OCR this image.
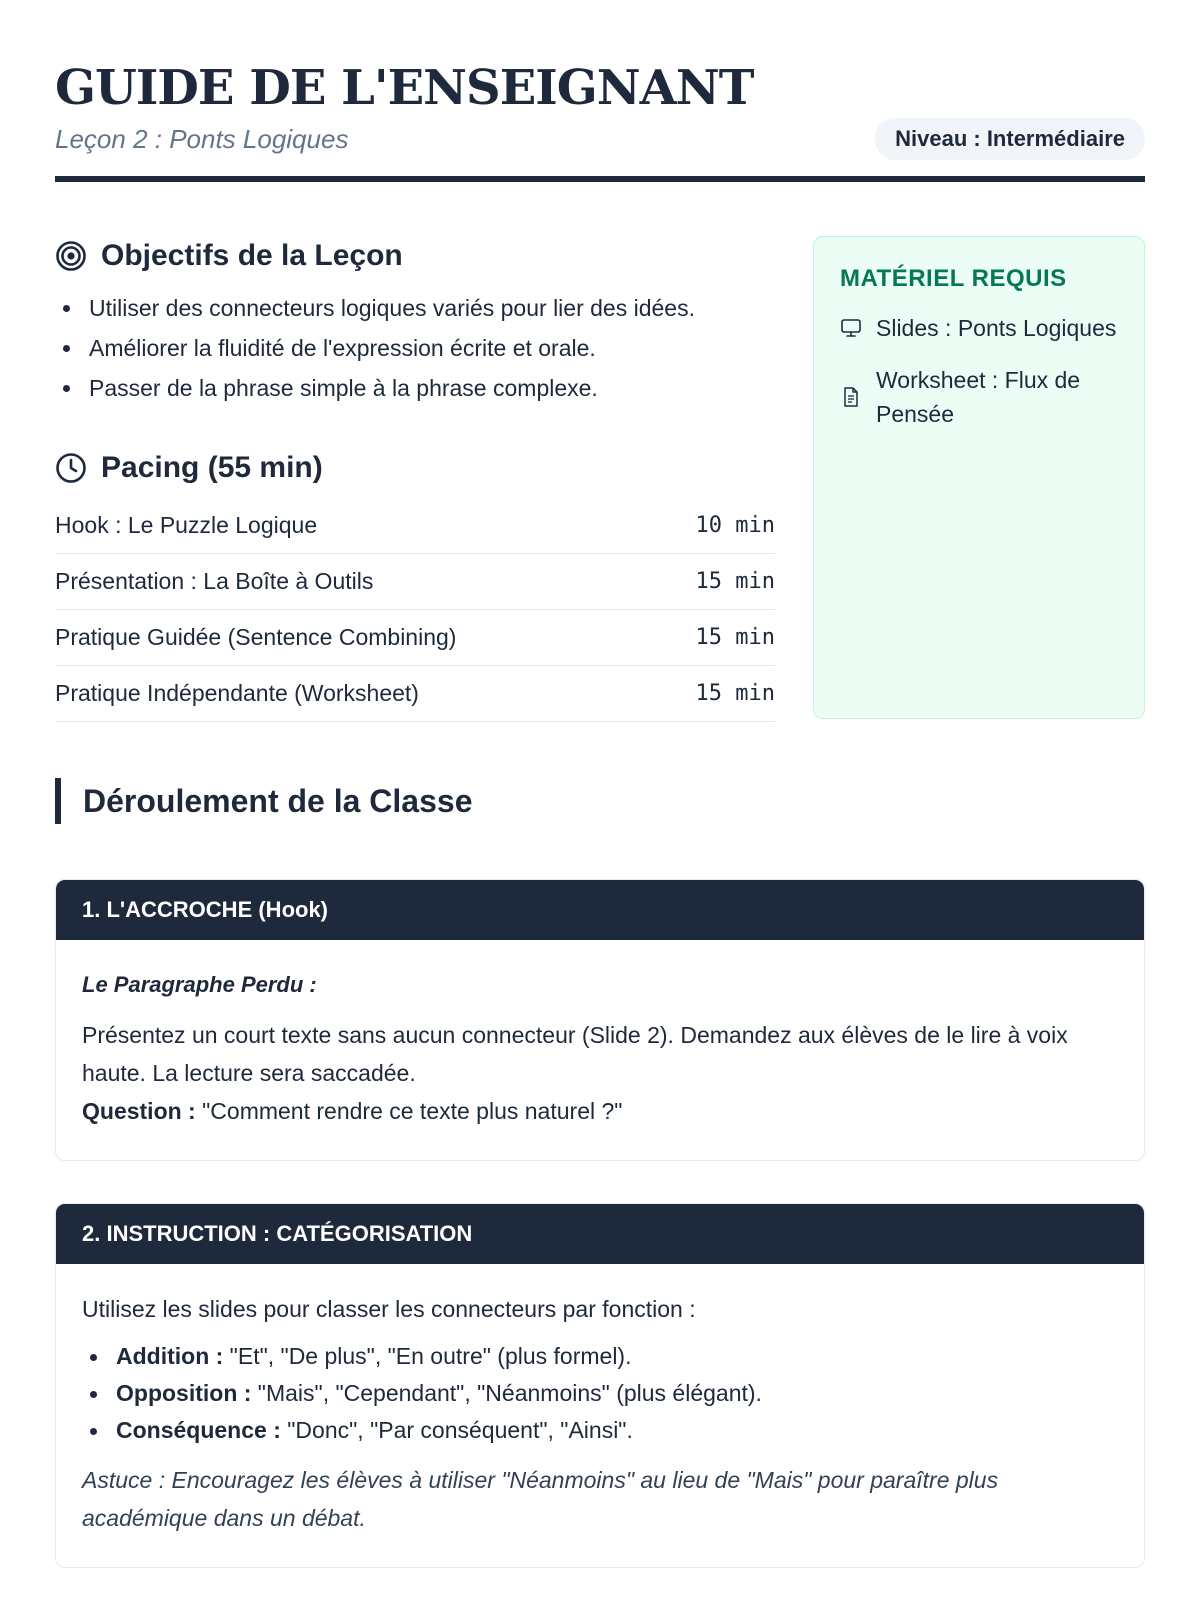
GUIDE DE L'ENSEIGNANT
Leçon 2 : Ponts Logiques	Niveau : Intermédiaire
Objectifs de la Leçon
Utiliser des connecteurs logiques variés pour lier des idées.
Améliorer la fluidité de l'expression écrite et orale.
Passer de la phrase simple à la phrase complexe.
Pacing (55 min)
Hook : Le Puzzle Logique	10 min
Présentation : La Boîte à Outils	15 min
Pratique Guidée (Sentence Combining)	15 min
Pratique Indépendante (Worksheet)	15 min
MATÉRIEL REQUIS
Slides : Ponts Logiques
Worksheet : Flux de Pensée
Déroulement de la Classe
1. L'ACCROCHE (Hook)
Le Paragraphe Perdu :

Présentez un court texte sans aucun connecteur (Slide 2). Demandez aux élèves de le lire à voix haute. La lecture sera saccadée.
Question : "Comment rendre ce texte plus naturel ?"

2. INSTRUCTION : CATÉGORISATION

Utilisez les slides pour classer les connecteurs par fonction :

Addition : "Et", "De plus", "En outre" (plus formel).
Opposition : "Mais", "Cependant", "Néanmoins" (plus élégant).
Conséquence : "Donc", "Par conséquent", "Ainsi".

Astuce : Encouragez les élèves à utiliser "Néanmoins" au lieu de "Mais" pour paraître plus académique dans un débat.
